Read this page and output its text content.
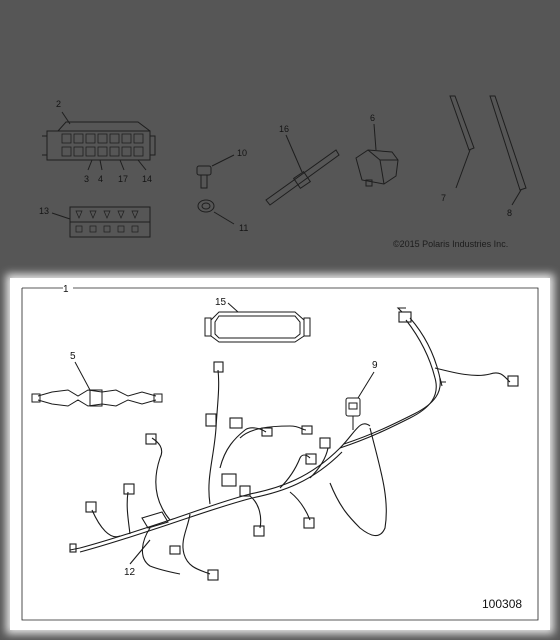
2
3 4 17 14
13
10
11
16
6
7
8
©2015 Polaris Industries Inc.
1
15
5
9
12
100308
